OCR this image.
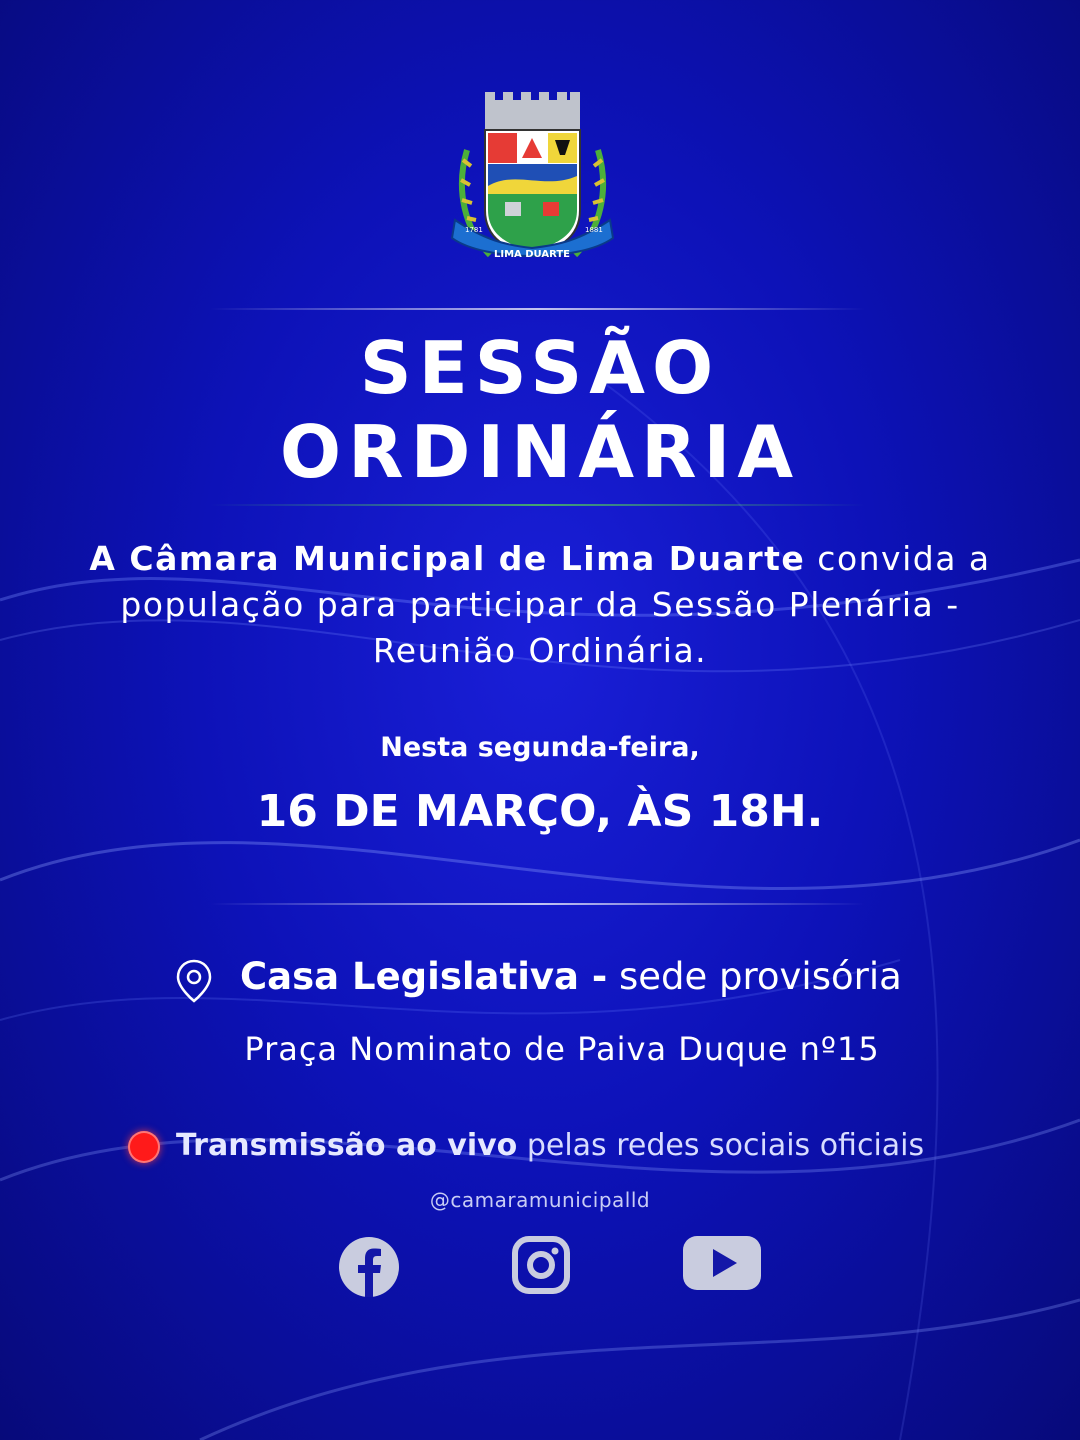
LIMA DUARTE
1781	1881
SESSÃO
ORDINÁRIA
A Câmara Municipal de Lima Duarte convida a
população para participar da Sessão Plenária -
Reunião Ordinária.
Nesta segunda-feira,
16 DE MARÇO, ÀS 18H.
Casa Legislativa - sede provisória
Praça Nominato de Paiva Duque nº15
Transmissão ao vivo pelas redes sociais oficiais
@camaramunicipalld
